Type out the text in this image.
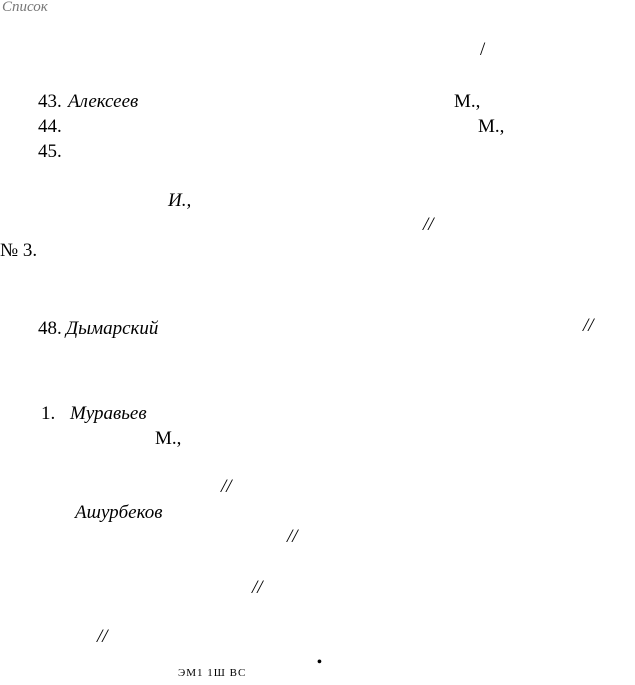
Список
/
43. Алексеев	М.,
44.	М.,
45.
И.,
//
№ 3.
48. Дымарский	//
1. Муравьев
М.,
//
Ашурбеков
//
//
//
ЭМ1 1Ш ВС
•
